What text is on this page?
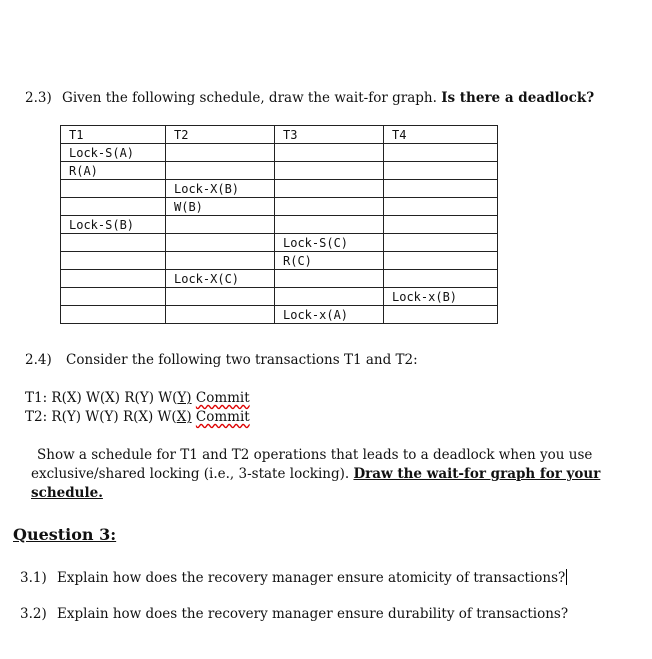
2.3) Given the following schedule, draw the wait-for graph. Is there a deadlock?
T1	T2	T3	T4
Lock-S(A)			
R(A)			
	Lock-X(B)		
	W(B)		
Lock-S(B)			
		Lock-S(C)	
		R(C)	
	Lock-X(C)		
			Lock-x(B)
		Lock-x(A)	
2.4) Consider the following two transactions T1 and T2:
T1: R(X) W(X) R(Y) W(Y) Commit
T2: R(Y) W(Y) R(X) W(X) Commit
Show a schedule for T1 and T2 operations that leads to a deadlock when you use
exclusive/shared locking (i.e., 3-state locking). Draw the wait-for graph for your
schedule.
Question 3:
3.1) Explain how does the recovery manager ensure atomicity of transactions?
3.2) Explain how does the recovery manager ensure durability of transactions?
